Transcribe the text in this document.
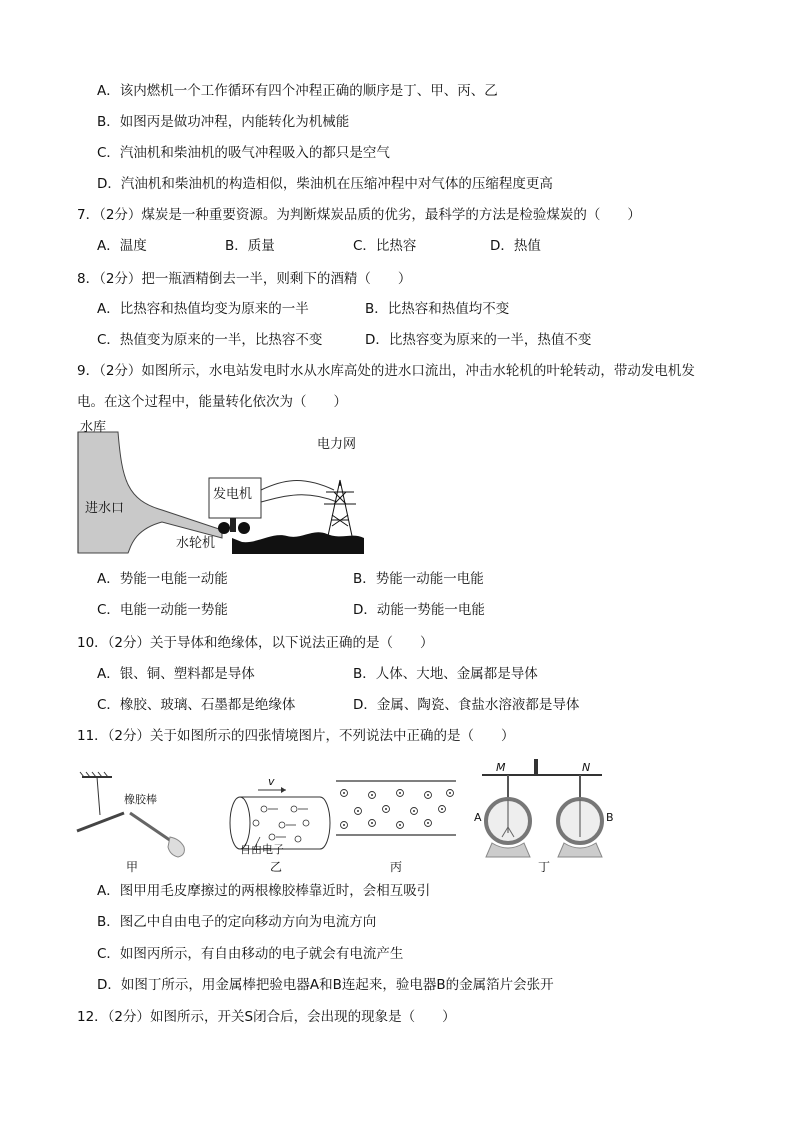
A．该内燃机一个工作循环有四个冲程正确的顺序是丁、甲、丙、乙
B．如图丙是做功冲程，内能转化为机械能
C．汽油机和柴油机的吸气冲程吸入的都只是空气
D．汽油机和柴油机的构造相似，柴油机在压缩冲程中对气体的压缩程度更高
7．（2分）煤炭是一种重要资源。为判断煤炭品质的优劣，最科学的方法是检验煤炭的（　　）
A．温度	B．质量	C．比热容	D．热值
8．（2分）把一瓶酒精倒去一半，则剩下的酒精（　　）
A．比热容和热值均变为原来的一半	B．比热容和热值均不变
C．热值变为原来的一半，比热容不变	D．比热容变为原来的一半，热值不变
9．（2分）如图所示，水电站发电时水从水库高处的进水口流出，冲击水轮机的叶轮转动，带动发电机发
电。在这个过程中，能量转化依次为（　　）
水库
进水口
发电机
水轮机
电力网
A．势能一电能一动能	B．势能一动能一电能
C．电能一动能一势能	D．动能一势能一电能
10．（2分）关于导体和绝缘体，以下说法正确的是（　　）
A．银、铜、塑料都是导体	B．人体、大地、金属都是导体
C．橡胶、玻璃、石墨都是绝缘体	D．金属、陶瓷、食盐水溶液都是导体
11．（2分）关于如图所示的四张情境图片，不列说法中正确的是（　　）
橡胶棒
甲
v
自由电子
乙	丙
M	N
A	B
丁
A．图甲用毛皮摩擦过的两根橡胶棒靠近时，会相互吸引
B．图乙中自由电子的定向移动方向为电流方向
C．如图丙所示，有自由移动的电子就会有电流产生
D．如图丁所示，用金属棒把验电器A和B连起来，验电器B的金属箔片会张开
12．（2分）如图所示，开关S闭合后，会出现的现象是（　　）
